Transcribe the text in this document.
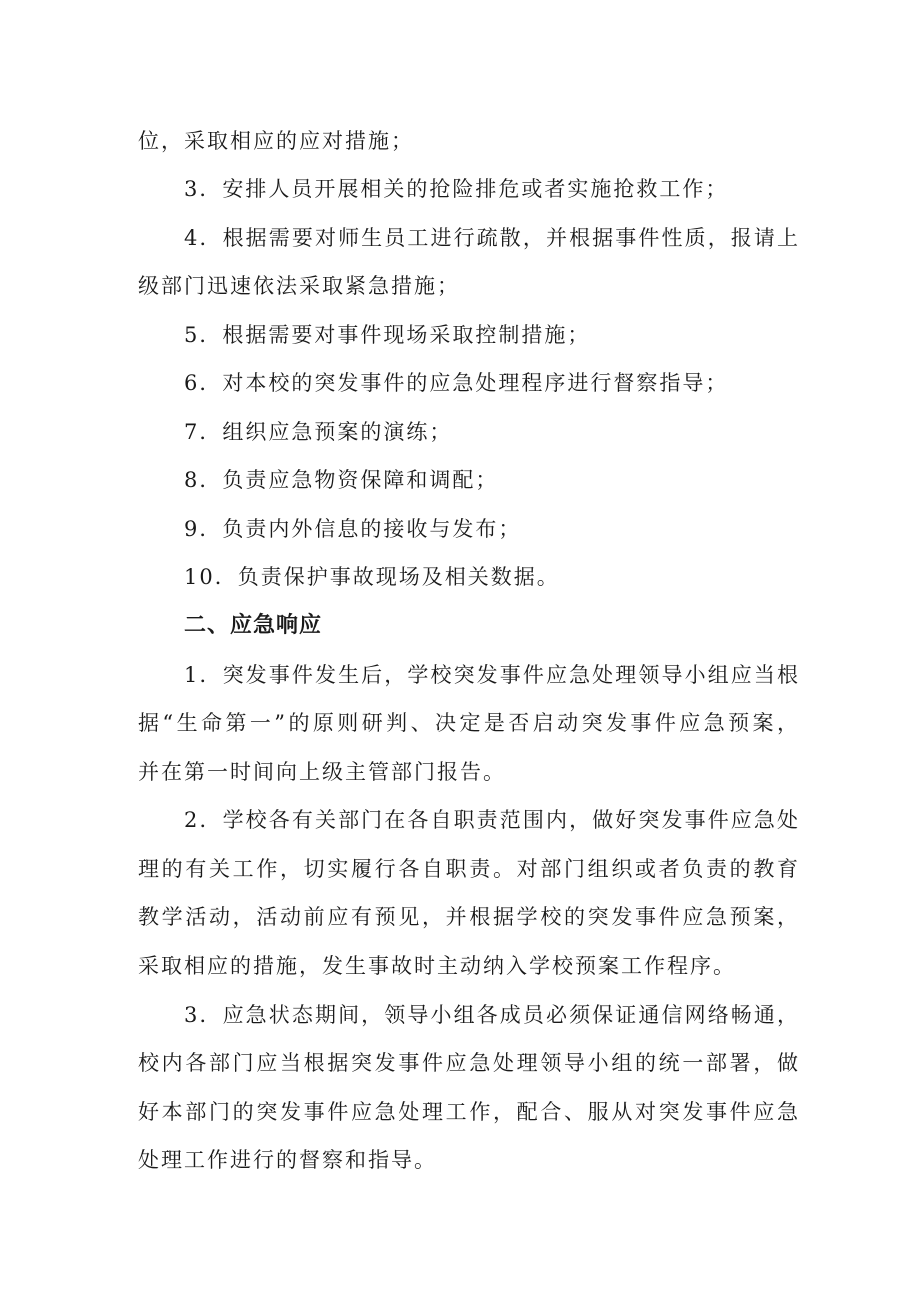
位，采取相应的应对措施；
3．安排人员开展相关的抢险排危或者实施抢救工作；
4．根据需要对师生员工进行疏散，并根据事件性质，报请上
级部门迅速依法采取紧急措施；
5．根据需要对事件现场采取控制措施；
6．对本校的突发事件的应急处理程序进行督察指导；
7．组织应急预案的演练；
8．负责应急物资保障和调配；
9．负责内外信息的接收与发布；
10．负责保护事故现场及相关数据。
二、应急响应
1．突发事件发生后，学校突发事件应急处理领导小组应当根
据“生命第一”的原则研判、决定是否启动突发事件应急预案，
并在第一时间向上级主管部门报告。
2．学校各有关部门在各自职责范围内，做好突发事件应急处
理的有关工作，切实履行各自职责。对部门组织或者负责的教育
教学活动，活动前应有预见，并根据学校的突发事件应急预案，
采取相应的措施，发生事故时主动纳入学校预案工作程序。
3．应急状态期间，领导小组各成员必须保证通信网络畅通，
校内各部门应当根据突发事件应急处理领导小组的统一部署，做
好本部门的突发事件应急处理工作，配合、服从对突发事件应急
处理工作进行的督察和指导。
